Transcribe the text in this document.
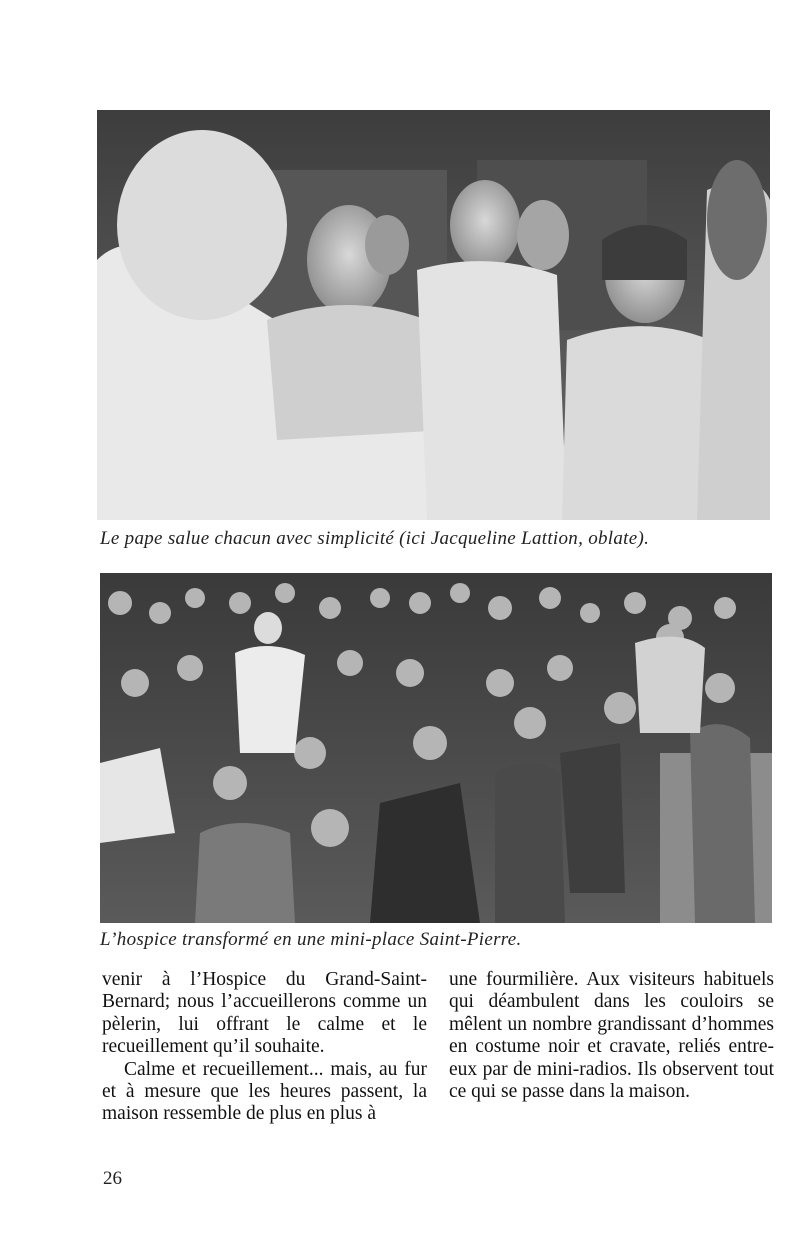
Le pape salue chacun avec simplicité (ici Jacqueline Lattion, oblate).
L’hospice transformé en une mini-place Saint-Pierre.

venir à l’Hospice du Grand-Saint-Bernard; nous l’accueillerons comme un pèlerin, lui offrant le calme et le recueillement qu’il souhaite.

Calme et recueillement... mais, au fur et à mesure que les heures passent, la maison ressemble de plus en plus à

une fourmilière. Aux visiteurs habituels qui déambulent dans les couloirs se mêlent un nombre grandissant d’hommes en costume noir et cravate, reliés entre-eux par de mini-radios. Ils observent tout ce qui se passe dans la maison.

26
